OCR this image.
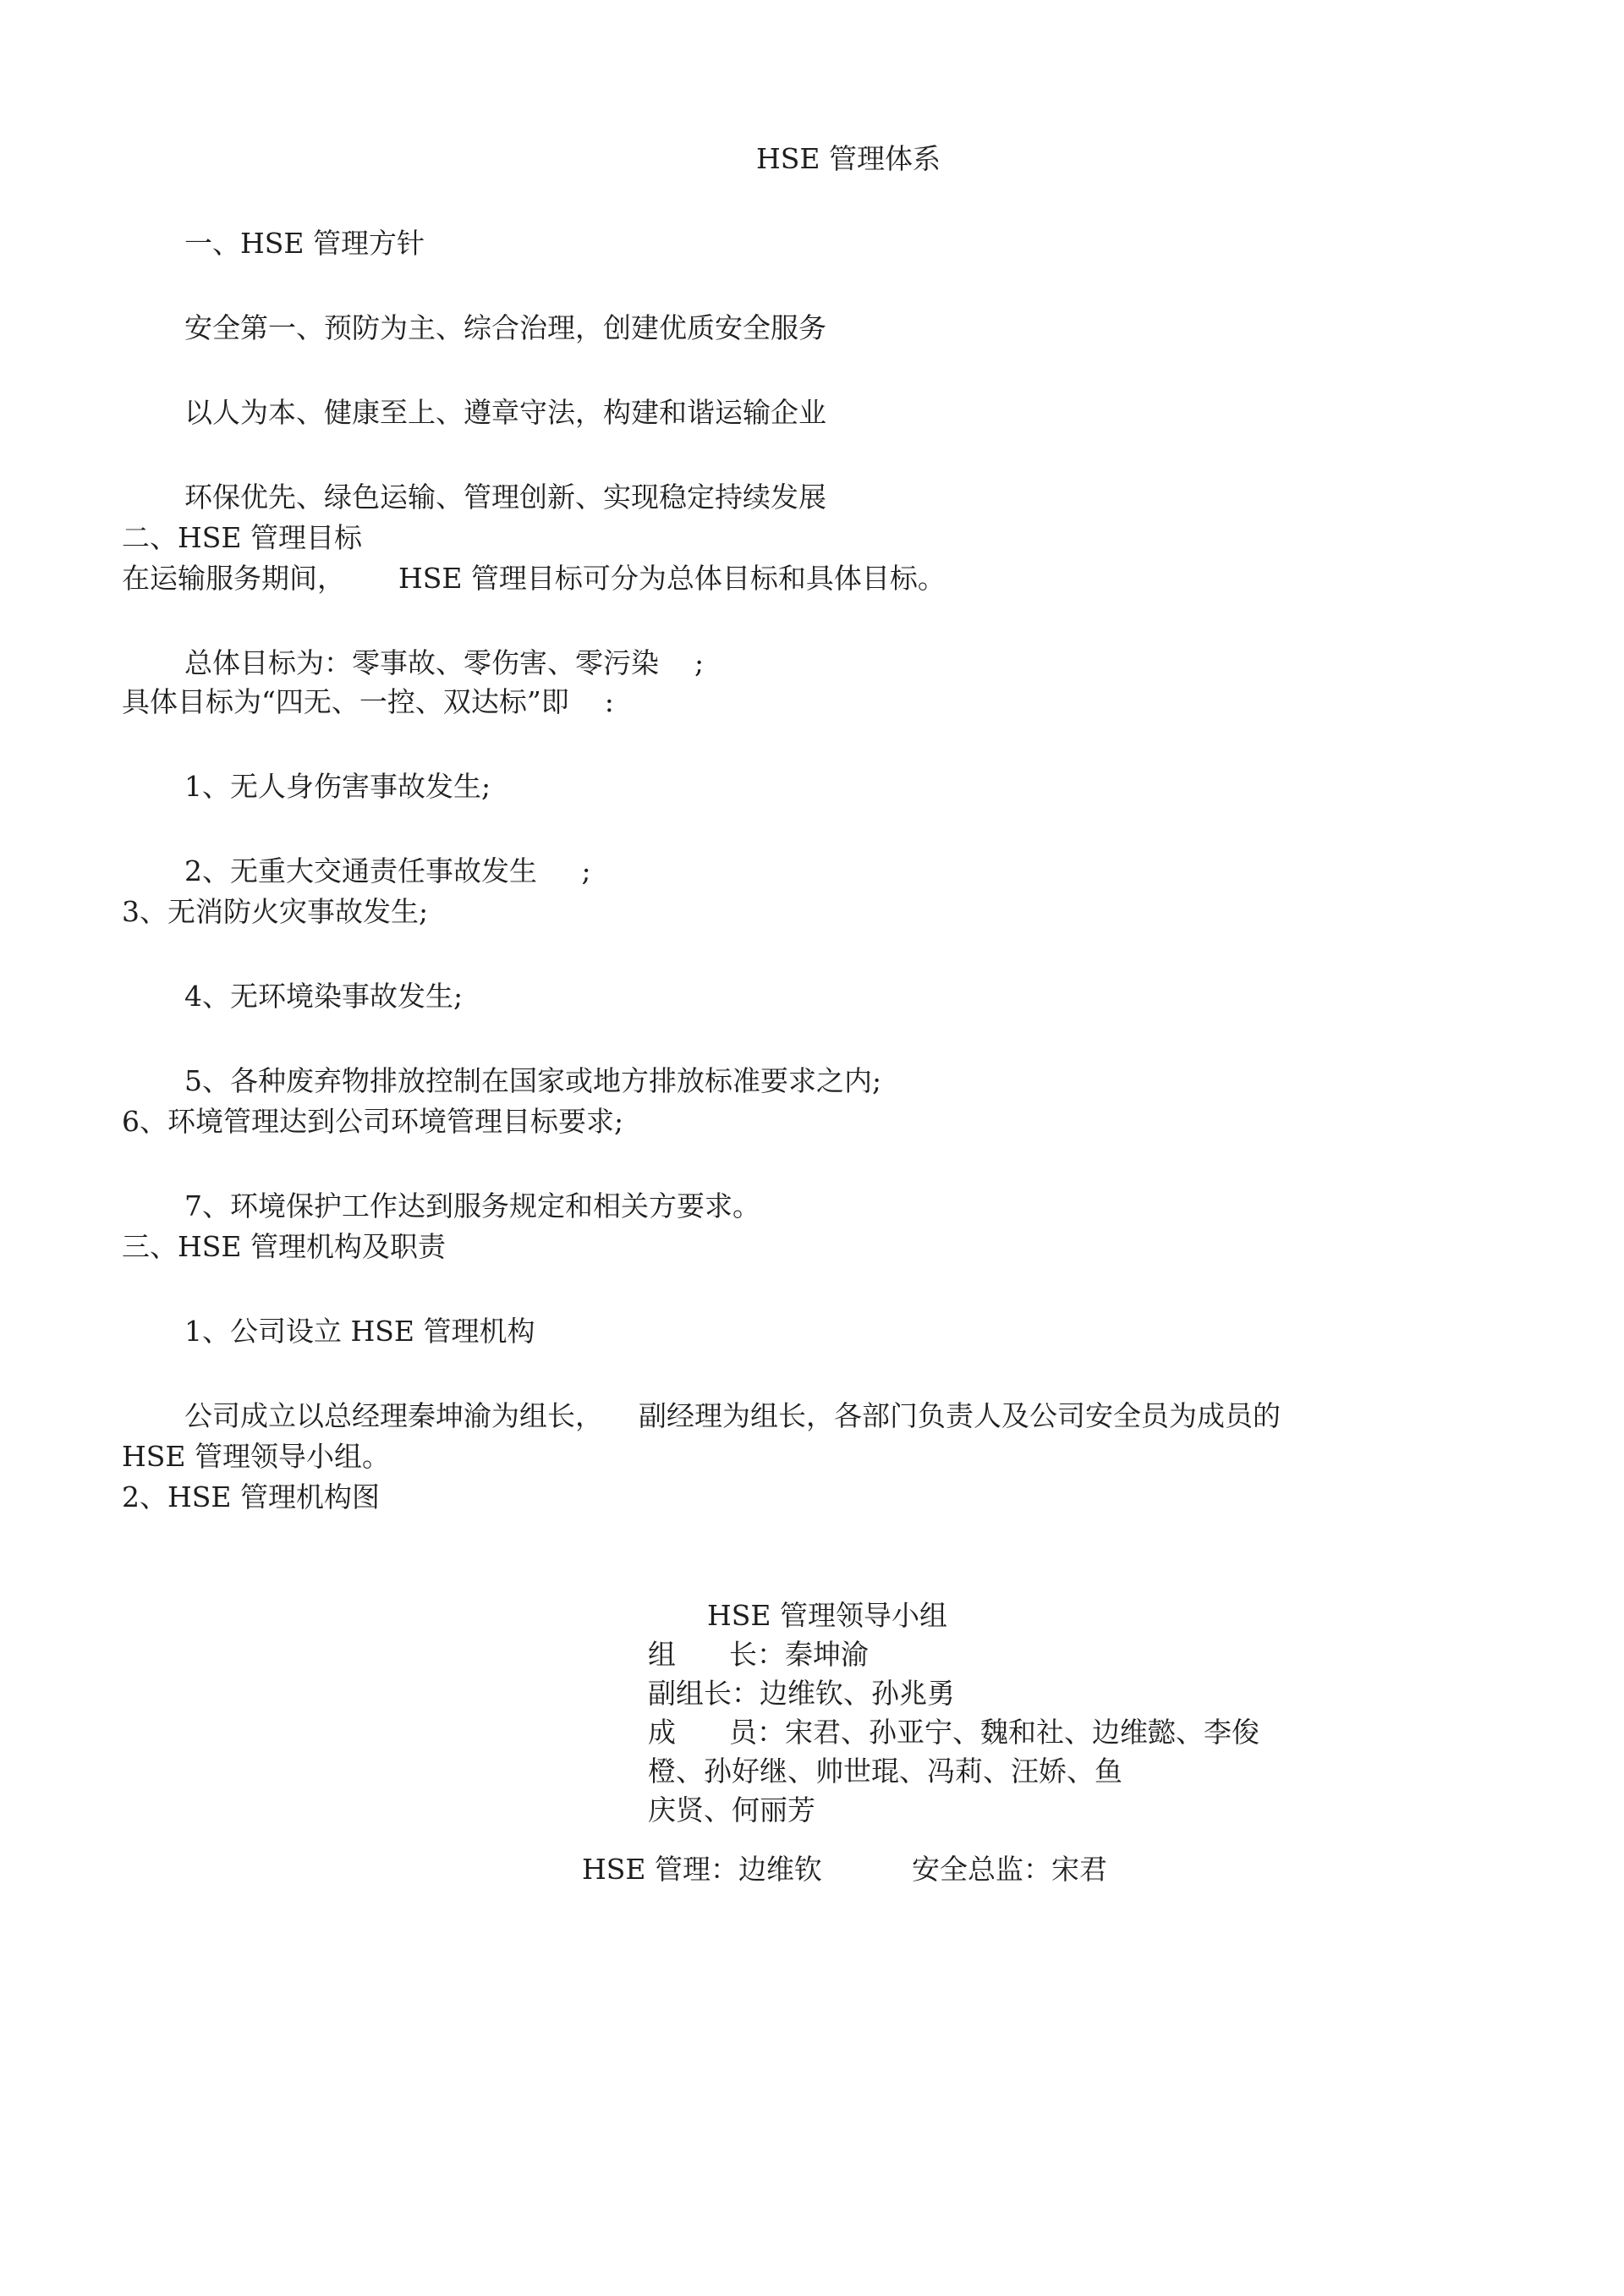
HSE 管理体系
一、HSE 管理方针
安全第一、预防为主、综合治理，创建优质安全服务
以人为本、健康至上、遵章守法，构建和谐运输企业
环保优先、绿色运输、管理创新、实现稳定持续发展
二、HSE 管理目标
在运输服务期间，      HSE 管理目标可分为总体目标和具体目标。
总体目标为：零事故、零伤害、零污染    ;
具体目标为“四无、一控、双达标”即    :
1、无人身伤害事故发生;
2、无重大交通责任事故发生     ;
3、无消防火灾事故发生;
4、无环境染事故发生;
5、各种废弃物排放控制在国家或地方排放标准要求之内;
6、环境管理达到公司环境管理目标要求;
7、环境保护工作达到服务规定和相关方要求。
三、HSE 管理机构及职责
1、公司设立 HSE 管理机构
公司成立以总经理秦坤渝为组长，    副经理为组长，各部门负责人及公司安全员为成员的
HSE 管理领导小组。
2、HSE 管理机构图
HSE 管理领导小组
组      长：秦坤渝
副组长：边维钦、孙兆勇
成      员：宋君、孙亚宁、魏和社、边维懿、李俊
橙、孙好继、帅世琨、冯莉、汪娇、鱼
庆贤、何丽芳
HSE 管理：边维钦	安全总监：宋君
